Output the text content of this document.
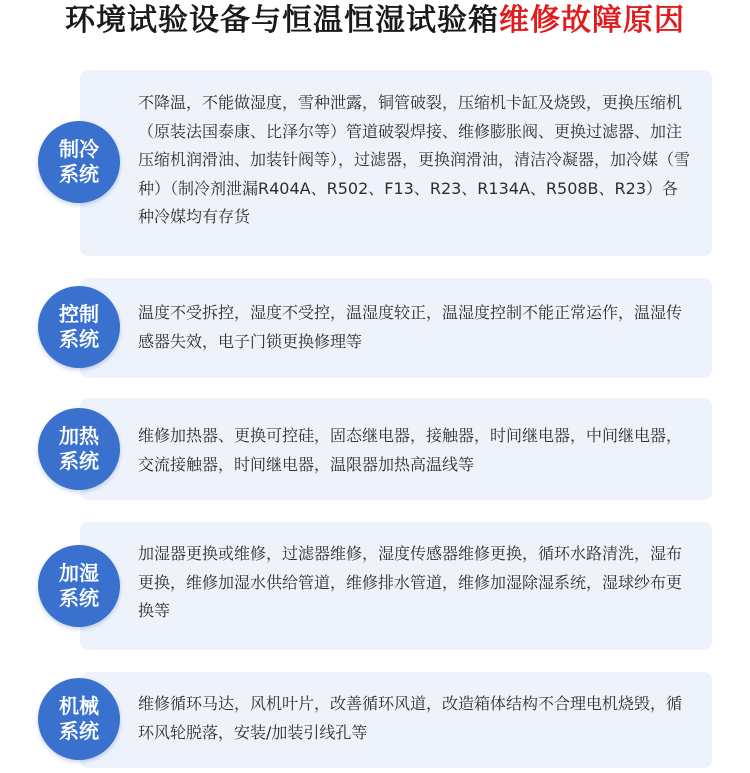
环境试验设备与恒温恒湿试验箱维修故障原因
制冷
系统
不降温，不能做湿度，雪种泄露，铜管破裂，压缩机卡缸及烧毁，更换压缩机（原装法国泰康、比泽尔等）管道破裂焊接、维修膨胀阀、更换过滤器、加注压缩机润滑油、加装针阀等），过滤器，更换润滑油，清洁冷凝器，加冷媒（雪种）（制冷剂泄漏R404A、R502、F13、R23、R134A、R508B、R23）各种冷媒均有存货
控制
系统
温度不受拆控，湿度不受控，温湿度较正，温湿度控制不能正常运作，温湿传感器失效，电子门锁更换修理等
加热
系统
维修加热器、更换可控硅，固态继电器，接触器，时间继电器，中间继电器，交流接触器，时间继电器，温限器加热高温线等
加湿
系统
加湿器更换或维修，过滤器维修，湿度传感器维修更换，循环水路清洗，湿布更换，维修加湿水供给管道，维修排水管道，维修加湿除湿系统，湿球纱布更换等
机械
系统
维修循环马达，风机叶片，改善循环风道，改造箱体结构不合理电机烧毁，循环风轮脱落，安装/加装引线孔等
